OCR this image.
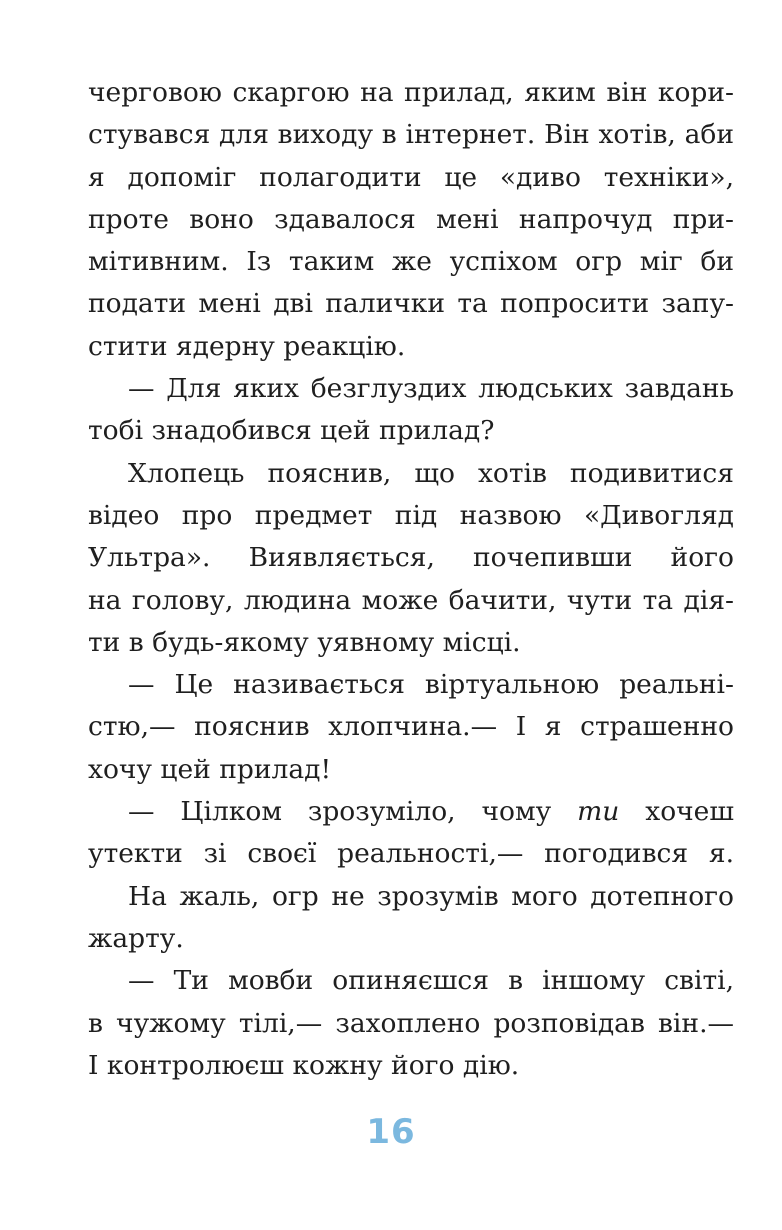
черговою скаргою на прилад, яким він кори-
стувався для виходу в інтернет. Він хотів, аби
я допоміг полагодити це «диво техніки»,
проте воно здавалося мені напрочуд при-
мітивним. Із таким же успіхом огр міг би
подати мені дві палички та попросити запу-
стити ядерну реакцію.
— Для яких безглуздих людських завдань
тобі знадобився цей прилад?
Хлопець пояснив, що хотів подивитися
відео про предмет під назвою «Дивогляд
Ультра». Виявляється, почепивши його
на голову, людина може бачити, чути та дія-
ти в будь-якому уявному місці.
— Це називається віртуальною реальні-
стю,— пояснив хлопчина.— І я страшенно
хочу цей прилад!
— Цілком зрозуміло, чому ти хочеш
утекти зі своєї реальності,— погодився я.
На жаль, огр не зрозумів мого дотепного
жарту.
— Ти мовби опиняєшся в іншому світі,
в чужому тілі,— захоплено розповідав він.—
І контролюєш кожну його дію.
16
